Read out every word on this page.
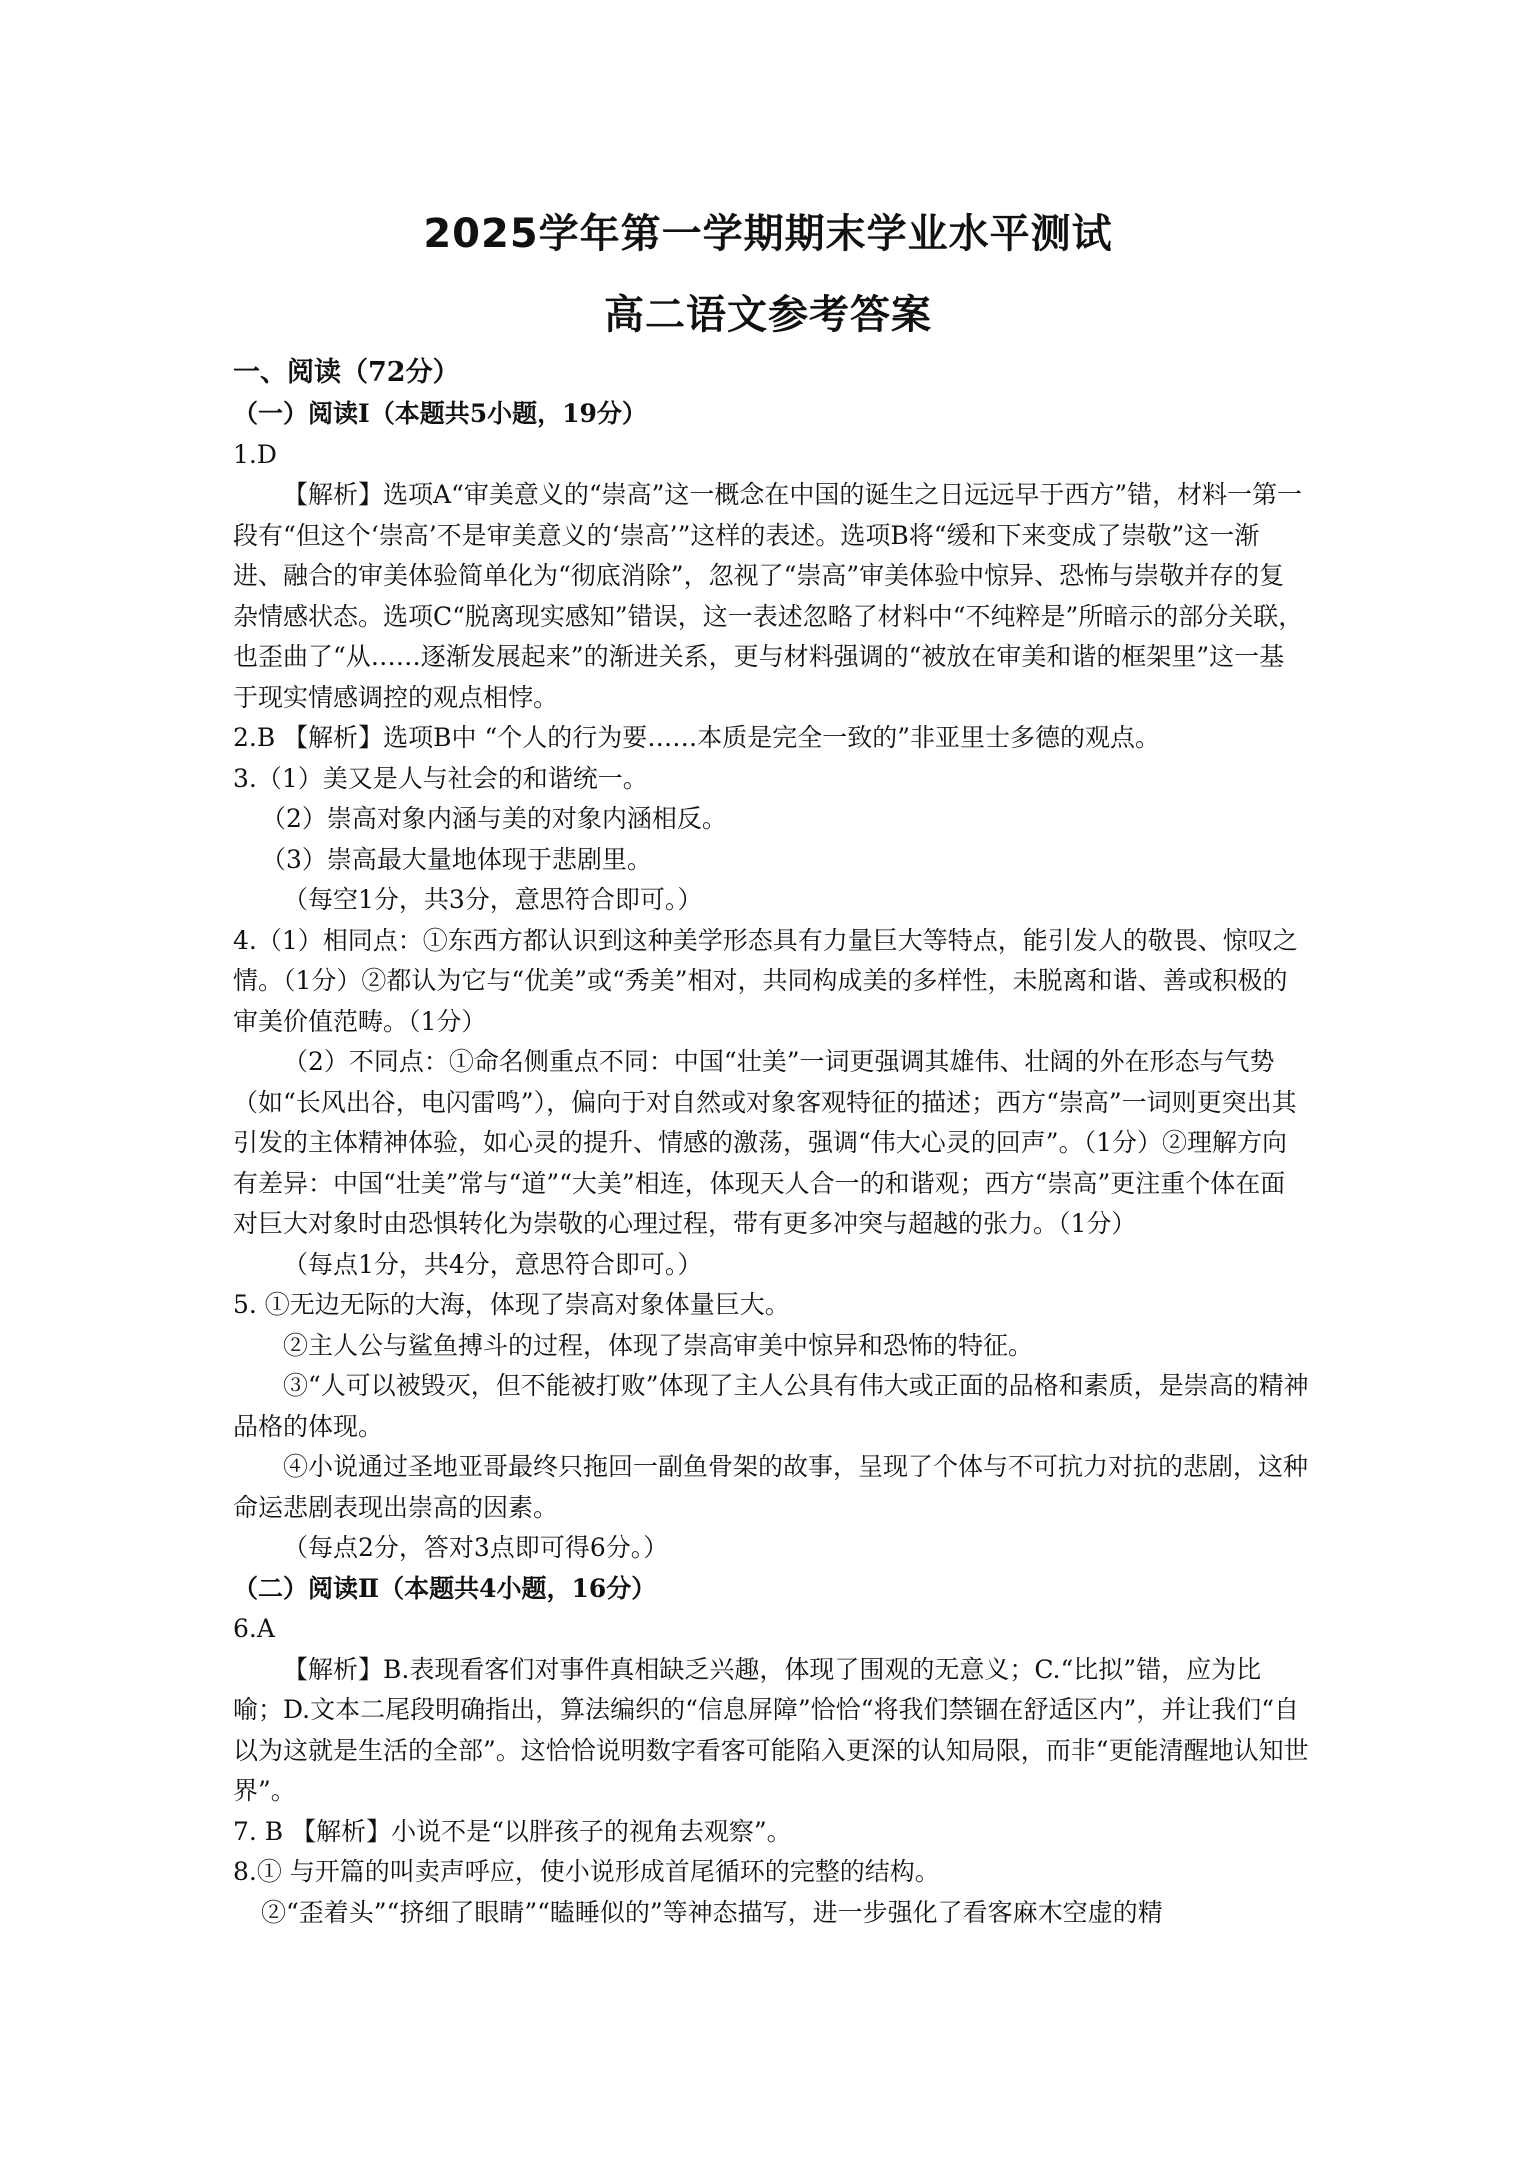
2025学年第一学期期末学业水平测试

高二语文参考答案

一、阅读（72分）

（一）阅读Ⅰ（本题共5小题，19分）

1.D

【解析】选项A“审美意义的“崇高”这一概念在中国的诞生之日远远早于西方”错，材料一第一段有“但这个‘崇高’不是审美意义的‘崇高’”这样的表述。选项B将“缓和下来变成了崇敬”这一渐进、融合的审美体验简单化为“彻底消除”，忽视了“崇高”审美体验中惊异、恐怖与崇敬并存的复杂情感状态。选项C“脱离现实感知”错误，这一表述忽略了材料中“不纯粹是”所暗示的部分关联，也歪曲了“从……逐渐发展起来”的渐进关系，更与材料强调的“被放在审美和谐的框架里”这一基于现实情感调控的观点相悖。

2.B 【解析】选项B中 “个人的行为要……本质是完全一致的”非亚里士多德的观点。

3.（1）美又是人与社会的和谐统一。

（2）崇高对象内涵与美的对象内涵相反。

（3）崇高最大量地体现于悲剧里。

（每空1分，共3分，意思符合即可。）

4.（1）相同点：①东西方都认识到这种美学形态具有力量巨大等特点，能引发人的敬畏、惊叹之情。（1分）②都认为它与“优美”或“秀美”相对，共同构成美的多样性，未脱离和谐、善或积极的审美价值范畴。（1分）

（2）不同点：①命名侧重点不同：中国“壮美”一词更强调其雄伟、壮阔的外在形态与气势（如“长风出谷，电闪雷鸣”），偏向于对自然或对象客观特征的描述；西方“崇高”一词则更突出其引发的主体精神体验，如心灵的提升、情感的激荡，强调“伟大心灵的回声”。（1分）②理解方向有差异：中国“壮美”常与“道”“大美”相连，体现天人合一的和谐观；西方“崇高”更注重个体在面对巨大对象时由恐惧转化为崇敬的心理过程，带有更多冲突与超越的张力。（1分）

（每点1分，共4分，意思符合即可。）

5. ①无边无际的大海，体现了崇高对象体量巨大。

②主人公与鲨鱼搏斗的过程，体现了崇高审美中惊异和恐怖的特征。

③“人可以被毁灭，但不能被打败”体现了主人公具有伟大或正面的品格和素质，是崇高的精神品格的体现。

④小说通过圣地亚哥最终只拖回一副鱼骨架的故事，呈现了个体与不可抗力对抗的悲剧，这种命运悲剧表现出崇高的因素。

（每点2分，答对3点即可得6分。）

（二）阅读Ⅱ（本题共4小题，16分）

6.A

【解析】B.表现看客们对事件真相缺乏兴趣，体现了围观的无意义；C.“比拟”错，应为比喻；D.文本二尾段明确指出，算法编织的“信息屏障”恰恰“将我们禁锢在舒适区内”，并让我们“自以为这就是生活的全部”。这恰恰说明数字看客可能陷入更深的认知局限，而非“更能清醒地认知世界”。

7. B 【解析】小说不是“以胖孩子的视角去观察”。

8.① 与开篇的叫卖声呼应，使小说形成首尾循环的完整的结构。

②“歪着头”“挤细了眼睛”“瞌睡似的”等神态描写，进一步强化了看客麻木空虚的精
